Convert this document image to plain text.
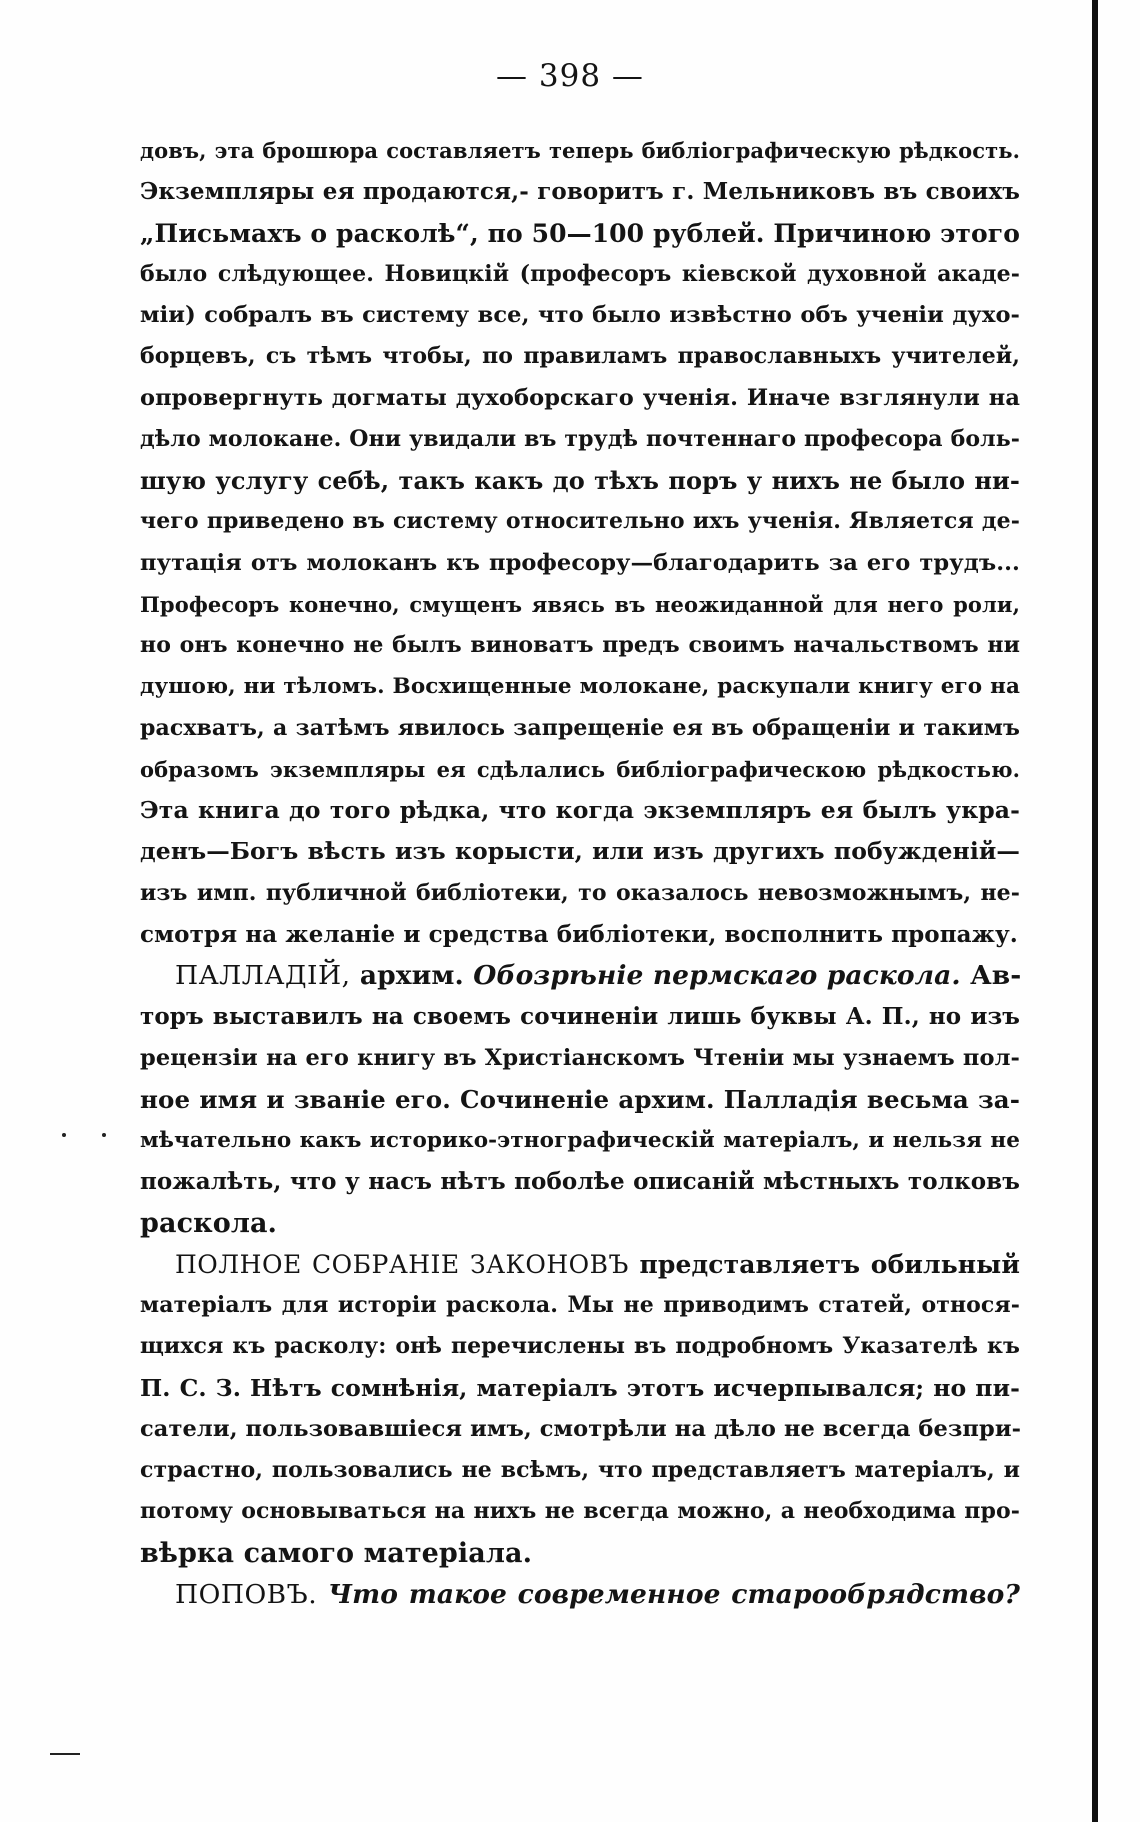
— 398 —
довъ, эта брошюра составляетъ теперь библіографическую рѣдкость.
Экземпляры ея продаются,- говоритъ г. Мельниковъ въ своихъ
„Письмахъ о расколѣ“, по 50—100 рублей. Причиною этого
было слѣдующее. Новицкій (професоръ кіевской духовной акаде-
міи) собралъ въ систему все, что было извѣстно объ ученіи духо-
борцевъ, съ тѣмъ чтобы, по правиламъ православныхъ учителей,
опровергнуть догматы духоборскаго ученія. Иначе взглянули на
дѣло молокане. Они увидали въ трудѣ почтеннаго професора боль-
шую услугу себѣ, такъ какъ до тѣхъ поръ у нихъ не было ни-
чего приведено въ систему относительно ихъ ученія. Является де-
путація отъ молоканъ къ професору—благодарить за его трудъ...
Професоръ конечно, смущенъ явясь въ неожиданной для него роли,
но онъ конечно не былъ виноватъ предъ своимъ начальствомъ ни
душою, ни тѣломъ. Восхищенные молокане, раскупали книгу его на
расхватъ, а затѣмъ явилось запрещеніе ея въ обращеніи и такимъ
образомъ экземпляры ея сдѣлались библіографическою рѣдкостью.
Эта книга до того рѣдка, что когда экземпляръ ея былъ укра-
денъ—Богъ вѣсть изъ корысти, или изъ другихъ побужденій—
изъ имп. публичной библіотеки, то оказалось невозможнымъ, не-
смотря на желаніе и средства библіотеки, восполнить пропажу.
ПАЛЛАДІЙ, архим. Обозрѣніе пермскаго раскола. Ав-
торъ выставилъ на своемъ сочиненіи лишь буквы А. П., но изъ
рецензіи на его книгу въ Христіанскомъ Чтеніи мы узнаемъ пол-
ное имя и званіе его. Сочиненіе архим. Палладія весьма за-
мѣчательно какъ историко-этнографическій матеріалъ, и нельзя не
пожалѣть, что у насъ нѣтъ поболѣе описаній мѣстныхъ толковъ
раскола.
ПОЛНОЕ СОБРАНІЕ ЗАКОНОВЪ представляетъ обильный
матеріалъ для исторіи раскола. Мы не приводимъ статей, относя-
щихся къ расколу: онѣ перечислены въ подробномъ Указателѣ къ
П. С. З. Нѣтъ сомнѣнія, матеріалъ этотъ исчерпывался; но пи-
сатели, пользовавшіеся имъ, смотрѣли на дѣло не всегда безпри-
страстно, пользовались не всѣмъ, что представляетъ матеріалъ, и
потому основываться на нихъ не всегда можно, а необходима про-
вѣрка самого матеріала.
ПОПОВЪ. Что такое современное старообрядство?
